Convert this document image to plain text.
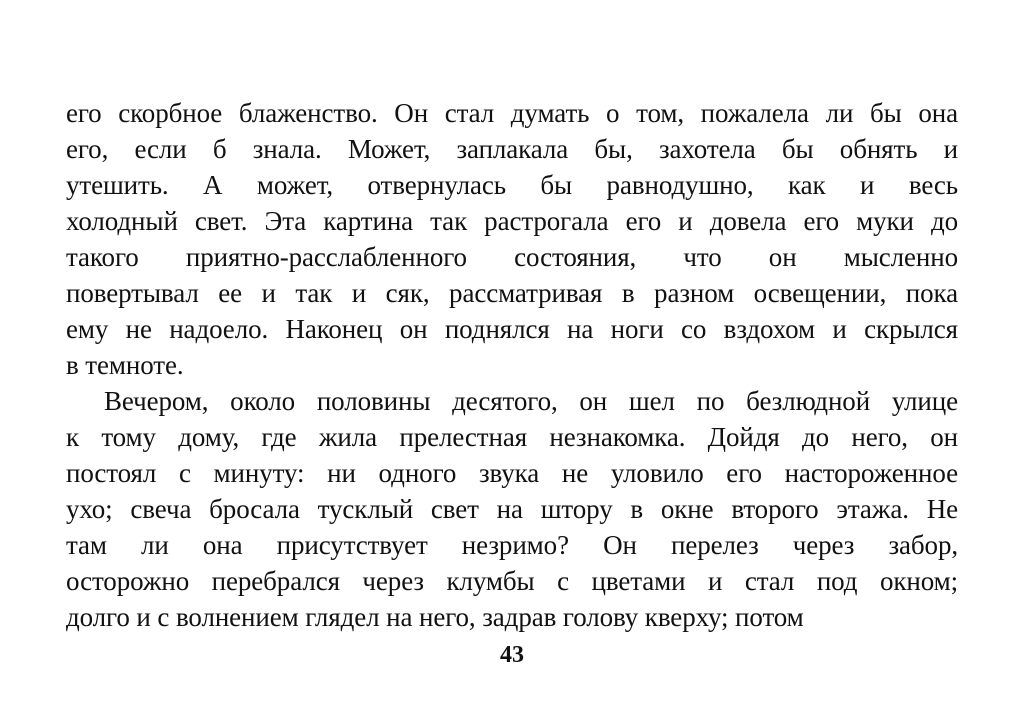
его скорбное блаженство. Он стал думать о том, пожалела ли бы она
его, если б знала. Может, заплакала бы, захотела бы обнять и
утешить. А может, отвернулась бы равнодушно, как и весь
холодный свет. Эта картина так растрогала его и довела его муки до
такого приятно-расслабленного состояния, что он мысленно
повертывал ее и так и сяк, рассматривая в разном освещении, пока
ему не надоело. Наконец он поднялся на ноги со вздохом и скрылся
в темноте.
Вечером, около половины десятого, он шел по безлюдной улице
к тому дому, где жила прелестная незнакомка. Дойдя до него, он
постоял с минуту: ни одного звука не уловило его настороженное
ухо; свеча бросала тусклый свет на штору в окне второго этажа. Не
там ли она присутствует незримо? Он перелез через забор,
осторожно перебрался через клумбы с цветами и стал под окном;
долго и с волнением глядел на него, задрав голову кверху; потом
43
